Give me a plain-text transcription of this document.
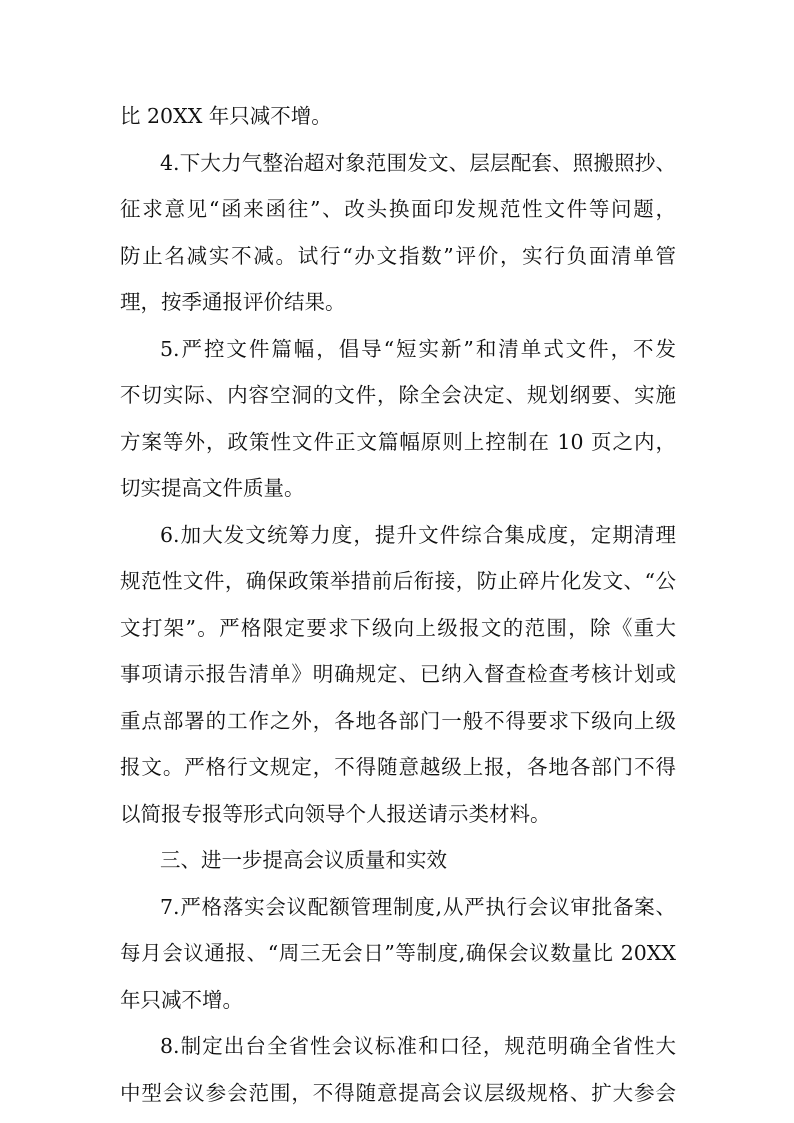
比 20XX 年只减不增。
4.下大力气整治超对象范围发文、层层配套、照搬照抄、
征求意见“函来函往”、改头换面印发规范性文件等问题，
防止名减实不减。试行“办文指数”评价，实行负面清单管
理，按季通报评价结果。
5.严控文件篇幅，倡导“短实新”和清单式文件，不发
不切实际、内容空洞的文件，除全会决定、规划纲要、实施
方案等外，政策性文件正文篇幅原则上控制在 10 页之内，
切实提高文件质量。
6.加大发文统筹力度，提升文件综合集成度，定期清理
规范性文件，确保政策举措前后衔接，防止碎片化发文、“公
文打架”。严格限定要求下级向上级报文的范围，除《重大
事项请示报告清单》明确规定、已纳入督查检查考核计划或
重点部署的工作之外，各地各部门一般不得要求下级向上级
报文。严格行文规定，不得随意越级上报，各地各部门不得
以简报专报等形式向领导个人报送请示类材料。
三、进一步提高会议质量和实效
7.严格落实会议配额管理制度,从严执行会议审批备案、
每月会议通报、“周三无会日”等制度,确保会议数量比 20XX
年只减不增。
8.制定出台全省性会议标准和口径，规范明确全省性大
中型会议参会范围，不得随意提高会议层级规格、扩大参会
